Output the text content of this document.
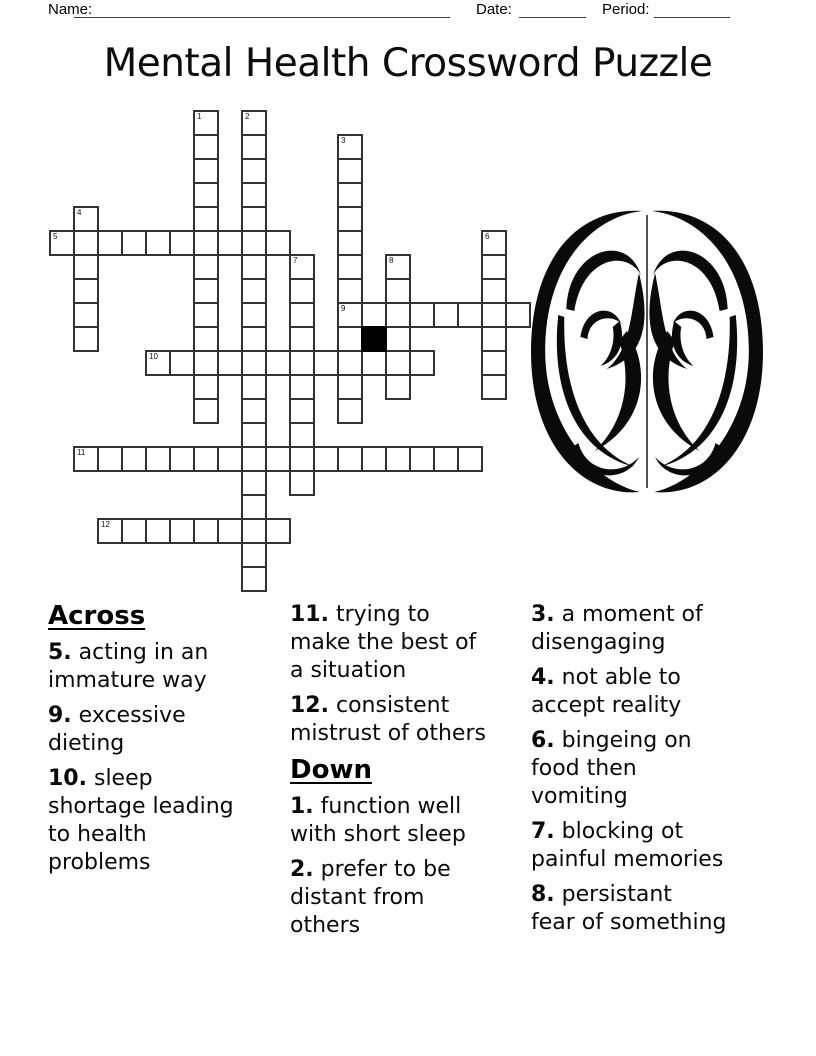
Name:	Date:	Period:
Mental Health Crossword Puzzle
5
9
10
11
12
1	2
3
4
6
7	8
Across

5. acting in an
immature way

9. excessive
dieting

10. sleep
shortage leading
to health
problems

11. trying to
make the best of
a situation

12. consistent
mistrust of others

Down

1. function well
with short sleep

2. prefer to be
distant from
others

3. a moment of
disengaging

4. not able to
accept reality

6. bingeing on
food then
vomiting

7. blocking ot
painful memories

8. persistant
fear of something
